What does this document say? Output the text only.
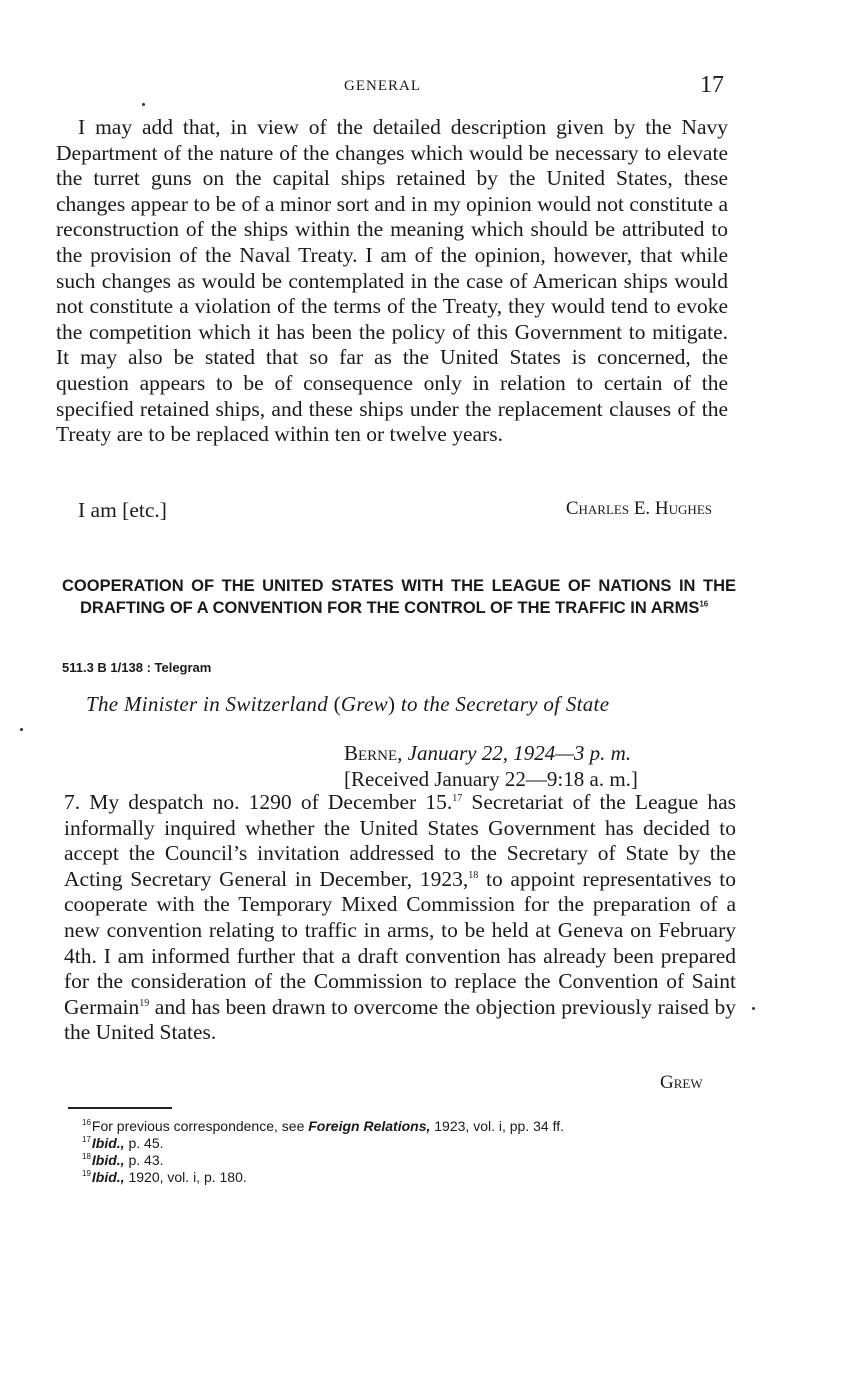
GENERAL	17

I may add that, in view of the detailed description given by the Navy Department of the nature of the changes which would be necessary to elevate the turret guns on the capital ships retained by the United States, these changes appear to be of a minor sort and in my opinion would not constitute a reconstruction of the ships within the meaning which should be attributed to the provision of the Naval Treaty. I am of the opinion, however, that while such changes as would be contemplated in the case of American ships would not constitute a violation of the terms of the Treaty, they would tend to evoke the competition which it has been the policy of this Government to mitigate. It may also be stated that so far as the United States is concerned, the question appears to be of consequence only in relation to certain of the specified retained ships, and these ships under the replacement clauses of the Treaty are to be replaced within ten or twelve years.

I am [etc.]	Charles E. Hughes
COOPERATION OF THE UNITED STATES WITH THE LEAGUE OF NATIONS IN THE DRAFTING OF A CONVENTION FOR THE CONTROL OF THE TRAFFIC IN ARMS$^{16}$
511.3 B 1/138 : Telegram
The Minister in Switzerland (Grew) to the Secretary of State
Berne, January 22, 1924—3 p. m.
[Received January 22—9:18 a. m.]

7. My despatch no. 1290 of December 15.17 Secretariat of the League has informally inquired whether the United States Government has decided to accept the Council’s invitation addressed to the Secretary of State by the Acting Secretary General in December, 1923,18 to appoint representatives to cooperate with the Temporary Mixed Commission for the preparation of a new convention relating to traffic in arms, to be held at Geneva on February 4th. I am informed further that a draft convention has already been prepared for the consideration of the Commission to replace the Convention of Saint Germain$^{19}$ and has been drawn to overcome the objection previously raised by the United States.

Grew
$^{16}$For previous correspondence, see Foreign Relations, 1923, vol. i, pp. 34 ff.
$^{17}$Ibid., p. 45.
$^{18}$Ibid., p. 43.
$^{19}$Ibid., 1920, vol. i, p. 180.
